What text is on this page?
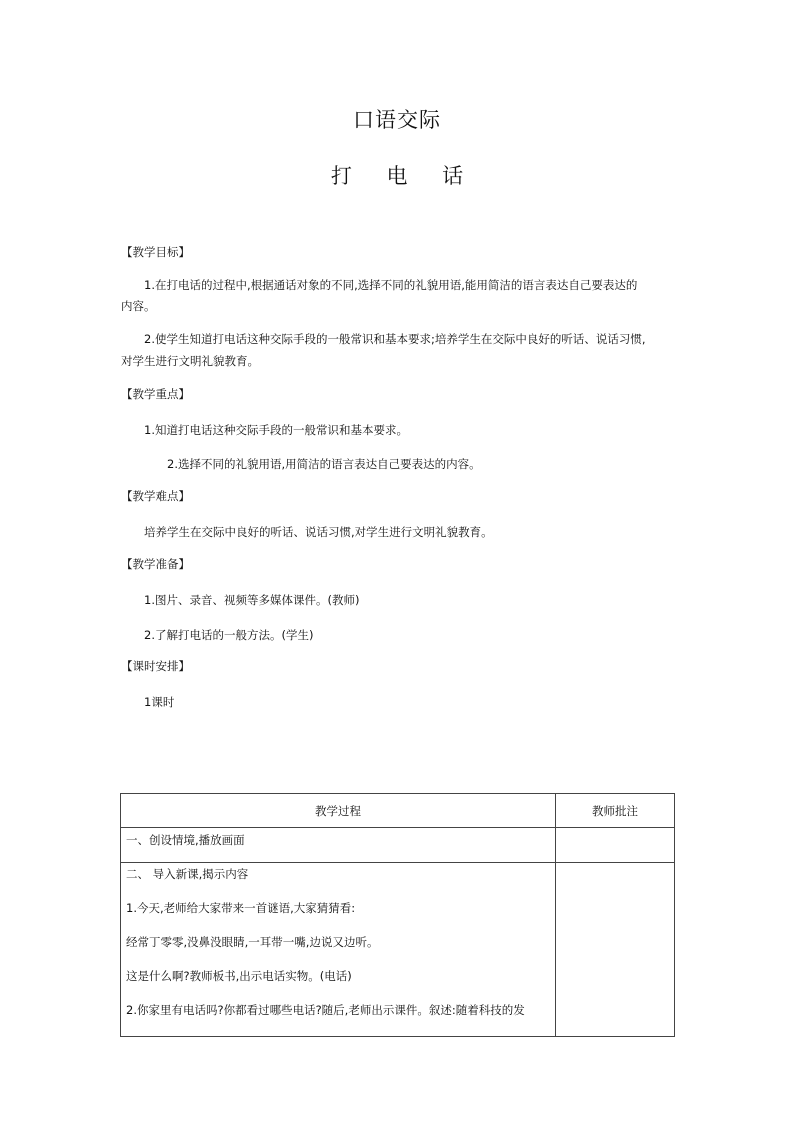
口语交际
打 电 话
【教学目标】
1.在打电话的过程中,根据通话对象的不同,选择不同的礼貌用语,能用简洁的语言表达自己要表达的
内容。
2.使学生知道打电话这种交际手段的一般常识和基本要求;培养学生在交际中良好的听话、说话习惯,
对学生进行文明礼貌教育。
【教学重点】
1.知道打电话这种交际手段的一般常识和基本要求。
2.选择不同的礼貌用语,用简洁的语言表达自己要表达的内容。
【教学难点】
培养学生在交际中良好的听话、说话习惯,对学生进行文明礼貌教育。
【教学准备】
1.图片、录音、视频等多媒体课件。(教师)
2.了解打电话的一般方法。(学生)
【课时安排】
1课时
教学过程	教师批注
一、创设情境,播放画面	

二、 导入新课,揭示内容
1.今天,老师给大家带来一首谜语,大家猜猜看:
经常丁零零,没鼻没眼睛,一耳带一嘴,边说又边听。
这是什么啊?教师板书,出示电话实物。(电话)
2.你家里有电话吗?你都看过哪些电话?随后,老师出示课件。叙述:随着科技的发	
